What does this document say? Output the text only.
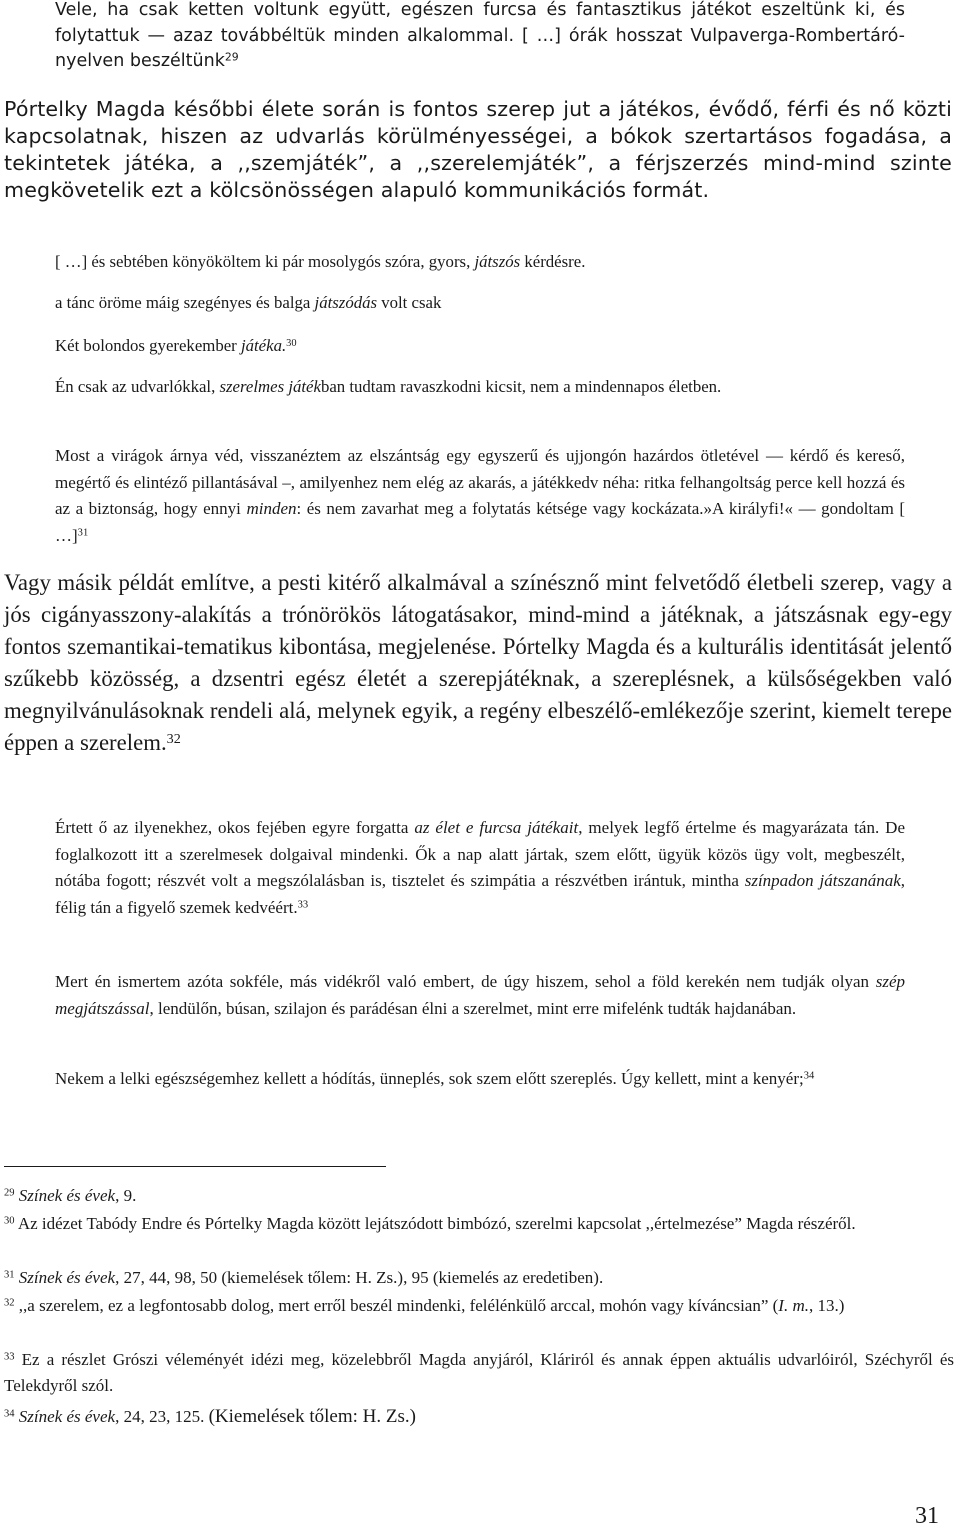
Vele, ha csak ketten voltunk együtt, egészen furcsa és fantasztikus játékot eszeltünk ki, és folytattuk — azaz továbbéltük minden alkalommal. [ …] órák hosszat Vulpaverga-Rombertáró-nyelven beszéltünk$^{29}$

Pórtelky Magda későbbi élete során is fontos szerep jut a játékos, évődő, férfi és nő közti kapcsolatnak, hiszen az udvarlás körülményességei, a bókok szertartásos fogadása, a tekintetek játéka, a ,,szemjáték”, a ,,szerelemjáték”, a férjszerzés mind-mind szinte megkövetelik ezt a kölcsönösségen alapuló kommunikációs formát.

[ …] és sebtében könyököltem ki pár mosolygós szóra, gyors, játszós kérdésre.

a tánc öröme máig szegényes és balga játszódás volt csak

Két bolondos gyerekember játéka.$^{30}$

Én csak az udvarlókkal, szerelmes játékban tudtam ravaszkodni kicsit, nem a mindennapos életben.

Most a virágok árnya véd, visszanéztem az elszántság egy egyszerű és ujjongón hazárdos ötletével — kérdő és kereső, megértő és elintéző pillantásával –, amilyenhez nem elég az akarás, a játékkedv néha: ritka felhangoltság perce kell hozzá és az a biztonság, hogy ennyi minden: és nem zavarhat meg a folytatás kétsége vagy kockázata.»A királyfi!« — gondoltam [ …]$^{31}$

Vagy másik példát említve, a pesti kitérő alkalmával a színésznő mint felvetődő életbeli szerep, vagy a jós cigányasszony-alakítás a trónörökös látogatásakor, mind-mind a játéknak, a játszásnak egy-egy fontos szemantikai-tematikus kibontása, megjelenése. Pórtelky Magda és a kulturális identitását jelentő szűkebb közösség, a dzsentri egész életét a szerepjátéknak, a szereplésnek, a külsőségekben való megnyilvánulásoknak rendeli alá, melynek egyik, a regény elbeszélő-emlékezője szerint, kiemelt terepe éppen a szerelem.$^{32}$

Értett ő az ilyenekhez, okos fejében egyre forgatta az élet e furcsa játékait, melyek legfő értelme és magyarázata tán. De foglalkozott itt a szerelmesek dolgaival mindenki. Ők a nap alatt jártak, szem előtt, ügyük közös ügy volt, megbeszélt, nótába fogott; részvét volt a megszólalásban is, tisztelet és szimpátia a részvétben irántuk, mintha színpadon játszanának, félig tán a figyelő szemek kedvéért.$^{33}$

Mert én ismertem azóta sokféle, más vidékről való embert, de úgy hiszem, sehol a föld kerekén nem tudják olyan szép megjátszással, lendülőn, búsan, szilajon és parádésan élni a szerelmet, mint erre mifelénk tudták hajdanában.

Nekem a lelki egészségemhez kellett a hódítás, ünneplés, sok szem előtt szereplés. Úgy kellett, mint a kenyér;$^{34}$

$^{29}$ Színek és évek, 9.

$^{30}$ Az idézet Tabódy Endre és Pórtelky Magda között lejátszódott bimbózó, szerelmi kapcsolat ,,értelmezése” Magda részéről.

$^{31}$ Színek és évek, 27, 44, 98, 50 (kiemelések tőlem: H. Zs.), 95 (kiemelés az eredetiben).

$^{32}$ ,,a szerelem, ez a legfontosabb dolog, mert erről beszél mindenki, felélénkülő arccal, mohón vagy kíváncsian” (I. m., 13.)

$^{33}$ Ez a részlet Grószi véleményét idézi meg, közelebbről Magda anyjáról, Kláriról és annak éppen aktuális udvarlóiról, Széchyről és Telekdyről szól.

$^{34}$ Színek és évek, 24, 23, 125. (Kiemelések tőlem: H. Zs.)

31
